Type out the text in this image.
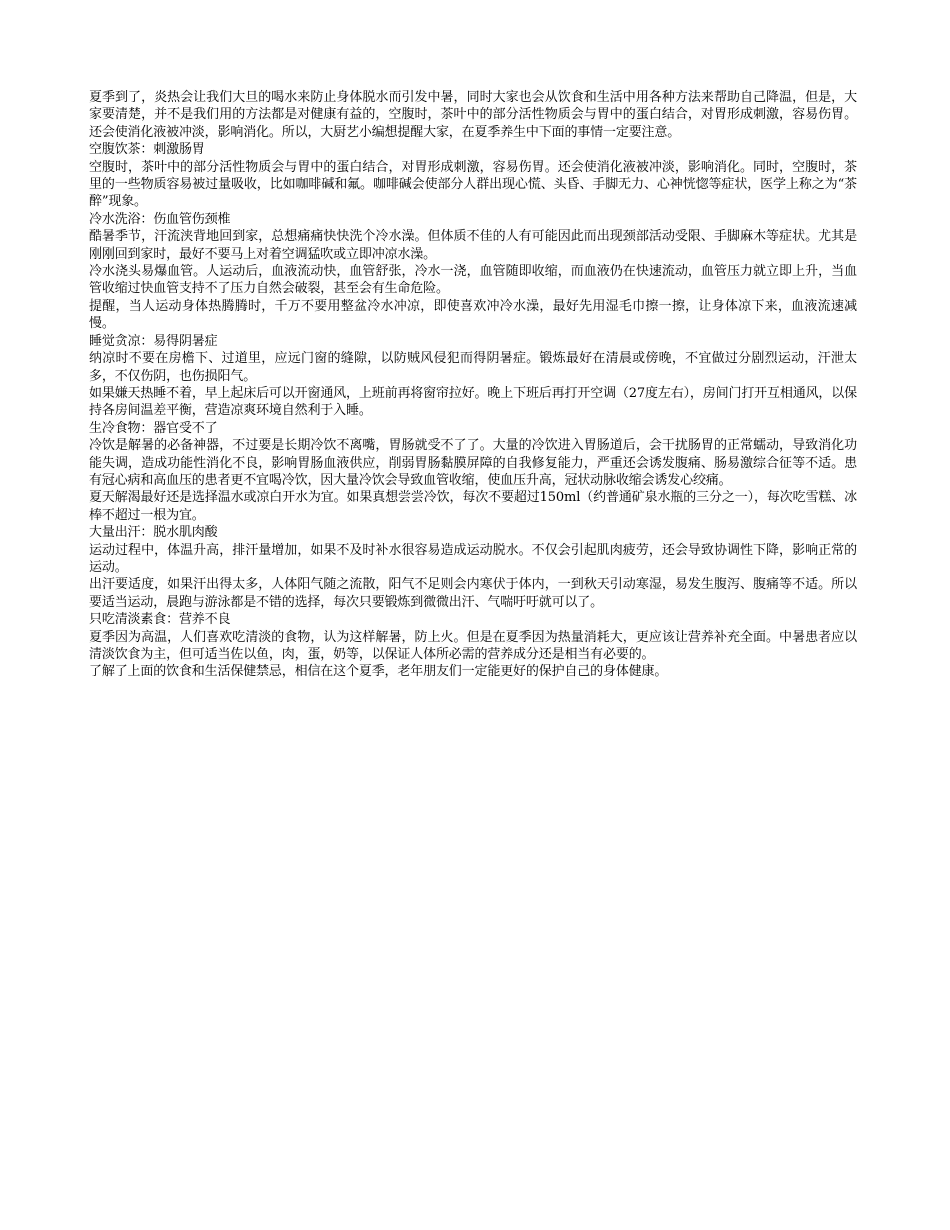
夏季到了，炎热会让我们大旦的喝水来防止身体脱水而引发中暑，同时大家也会从饮食和生活中用各种方法来帮助自己降温，但是，大家要清楚，并不是我们用的方法都是对健康有益的，空腹时，茶叶中的部分活性物质会与胃中的蛋白结合，对胃形成刺激，容易伤胃。还会使消化液被冲淡，影响消化。所以，大厨艺小编想提醒大家，在夏季养生中下面的事情一定要注意。

空腹饮茶：刺激肠胃

空腹时，茶叶中的部分活性物质会与胃中的蛋白结合，对胃形成刺激，容易伤胃。还会使消化液被冲淡，影响消化。同时，空腹时，茶里的一些物质容易被过量吸收，比如咖啡碱和氟。咖啡碱会使部分人群出现心慌、头昏、手脚无力、心神恍惚等症状，医学上称之为“茶醉”现象。

冷水洗浴：伤血管伤颈椎

酷暑季节，汗流浃背地回到家，总想痛痛快快洗个冷水澡。但体质不佳的人有可能因此而出现颈部活动受限、手脚麻木等症状。尤其是刚刚回到家时，最好不要马上对着空调猛吹或立即冲凉水澡。

冷水浇头易爆血管。人运动后，血液流动快，血管舒张，冷水一浇，血管随即收缩，而血液仍在快速流动，血管压力就立即上升，当血管收缩过快血管支持不了压力自然会破裂，甚至会有生命危险。

提醒，当人运动身体热腾腾时，千万不要用整盆冷水冲凉，即使喜欢冲冷水澡，最好先用湿毛巾擦一擦，让身体凉下来，血液流速减慢。

睡觉贪凉：易得阴暑症

纳凉时不要在房檐下、过道里，应远门窗的缝隙，以防贼风侵犯而得阴暑症。锻炼最好在清晨或傍晚，不宜做过分剧烈运动，汗泄太多，不仅伤阴，也伤损阳气。

如果嫌天热睡不着，早上起床后可以开窗通风，上班前再将窗帘拉好。晚上下班后再打开空调（27度左右），房间门打开互相通风，以保持各房间温差平衡，营造凉爽环境自然利于入睡。

生冷食物：器官受不了

冷饮是解暑的必备神器，不过要是长期冷饮不离嘴，胃肠就受不了了。大量的冷饮进入胃肠道后，会干扰肠胃的正常蠕动，导致消化功能失调，造成功能性消化不良，影响胃肠血液供应，削弱胃肠黏膜屏障的自我修复能力，严重还会诱发腹痛、肠易激综合征等不适。患有冠心病和高血压的患者更不宜喝冷饮，因大量冷饮会导致血管收缩，使血压升高，冠状动脉收缩会诱发心绞痛。

夏天解渴最好还是选择温水或凉白开水为宜。如果真想尝尝冷饮，每次不要超过150ml（约普通矿泉水瓶的三分之一），每次吃雪糕、冰棒不超过一根为宜。

大量出汗：脱水肌肉酸

运动过程中，体温升高，排汗量增加，如果不及时补水很容易造成运动脱水。不仅会引起肌肉疲劳，还会导致协调性下降，影响正常的运动。

出汗要适度，如果汗出得太多，人体阳气随之流散，阳气不足则会内寒伏于体内，一到秋天引动寒湿，易发生腹泻、腹痛等不适。所以要适当运动，晨跑与游泳都是不错的选择，每次只要锻炼到微微出汗、气喘吁吁就可以了。

只吃清淡素食：营养不良

夏季因为高温，人们喜欢吃清淡的食物，认为这样解暑，防上火。但是在夏季因为热量消耗大，更应该让营养补充全面。中暑患者应以清淡饮食为主，但可适当佐以鱼，肉，蛋，奶等，以保证人体所必需的营养成分还是相当有必要的。

了解了上面的饮食和生活保健禁忌，相信在这个夏季，老年朋友们一定能更好的保护自己的身体健康。
